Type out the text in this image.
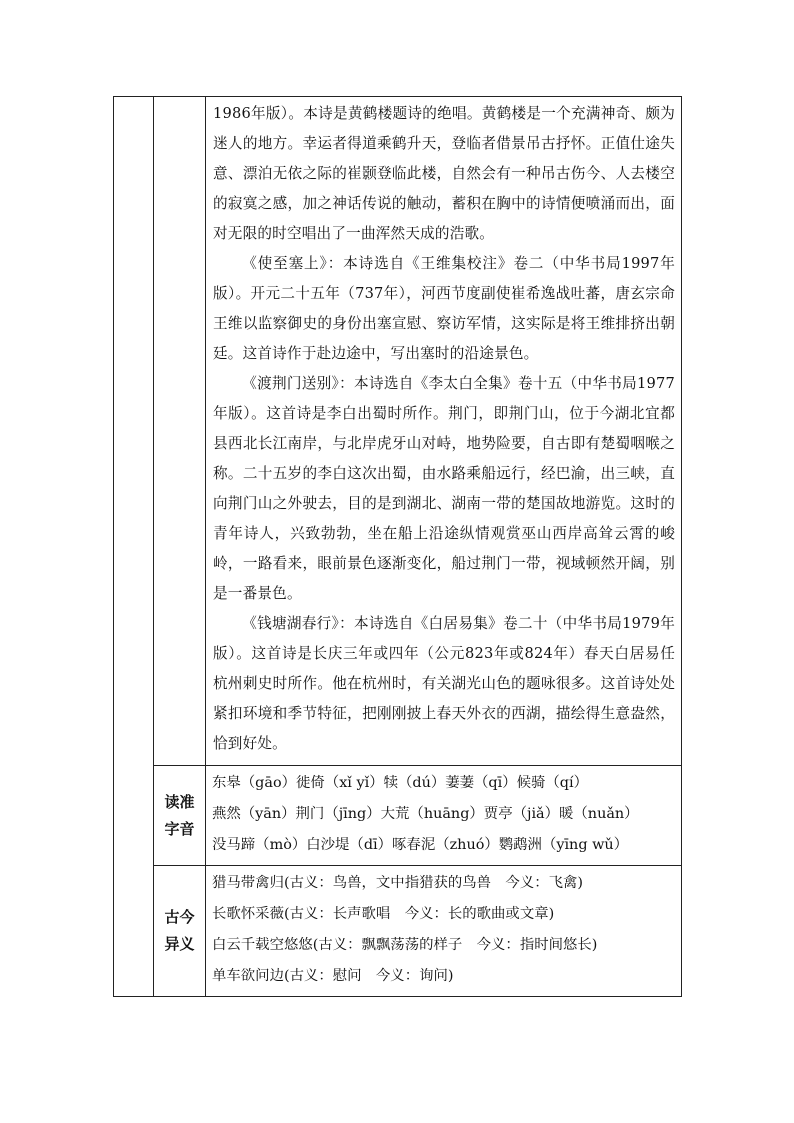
		1986年版）。本诗是黄鹤楼题诗的绝唱。黄鹤楼是一个充满神奇、颇为迷人的地方。幸运者得道乘鹤升天，登临者借景吊古抒怀。正值仕途失意、漂泊无依之际的崔颢登临此楼，自然会有一种吊古伤今、人去楼空的寂寞之感，加之神话传说的触动，蓄积在胸中的诗情便喷涌而出，面对无限的时空唱出了一曲浑然天成的浩歌。

《使至塞上》：本诗选自《王维集校注》卷二（中华书局1997年版）。开元二十五年（737年），河西节度副使崔希逸战吐蕃，唐玄宗命王维以监察御史的身份出塞宣慰、察访军情，这实际是将王维排挤出朝廷。这首诗作于赴边途中，写出塞时的沿途景色。

《渡荆门送别》：本诗选自《李太白全集》卷十五（中华书局1977年版）。这首诗是李白出蜀时所作。荆门，即荆门山，位于今湖北宜都县西北长江南岸，与北岸虎牙山对峙，地势险要，自古即有楚蜀咽喉之称。二十五岁的李白这次出蜀，由水路乘船远行，经巴渝，出三峡，直向荆门山之外驶去，目的是到湖北、湖南一带的楚国故地游览。这时的青年诗人，兴致勃勃，坐在船上沿途纵情观赏巫山西岸高耸云霄的峻岭，一路看来，眼前景色逐渐变化，船过荆门一带，视域顿然开阔，别是一番景色。

《钱塘湖春行》：本诗选自《白居易集》卷二十（中华书局1979年版）。这首诗是长庆三年或四年（公元823年或824年）春天白居易任杭州刺史时所作。他在杭州时，有关湖光山色的题咏很多。这首诗处处紧扣环境和季节特征，把刚刚披上春天外衣的西湖，描绘得生意盎然，恰到好处。

	读准字音	东皋（gāo）徙倚（xǐ yǐ）犊（dú）萋萋（qī）候骑（qí）
燕然（yān）荆门（jīng）大荒（huāng）贾亭（jiǎ）暖（nuǎn）
没马蹄（mò）白沙堤（dī）啄春泥（zhuó）鹦鹉洲（yīng wǔ）

	古今异义	猎马带禽归(古义：鸟兽，文中指猎获的鸟兽　今义：飞禽)
长歌怀采薇(古义：长声歌唱　今义：长的歌曲或文章)
白云千载空悠悠(古义：飘飘荡荡的样子　今义：指时间悠长)
单车欲问边(古义：慰问　今义：询问)
